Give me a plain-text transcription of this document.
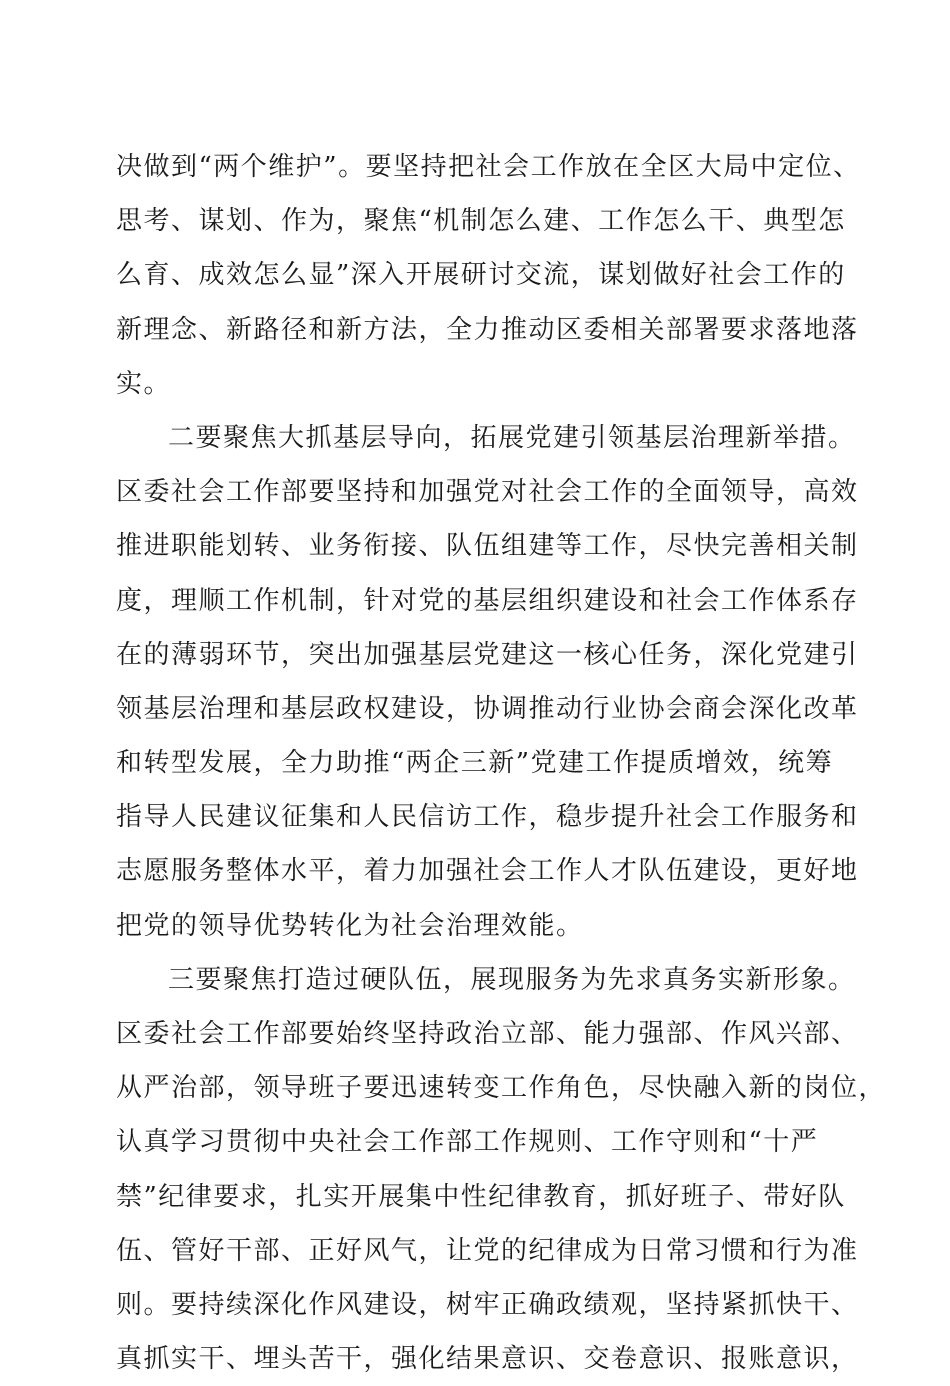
决做到“两个维护”。要坚持把社会工作放在全区大局中定位、
思考、谋划、作为，聚焦“机制怎么建、工作怎么干、典型怎
么育、成效怎么显”深入开展研讨交流，谋划做好社会工作的
新理念、新路径和新方法，全力推动区委相关部署要求落地落
实。
二要聚焦大抓基层导向，拓展党建引领基层治理新举措。
区委社会工作部要坚持和加强党对社会工作的全面领导，高效
推进职能划转、业务衔接、队伍组建等工作，尽快完善相关制
度，理顺工作机制，针对党的基层组织建设和社会工作体系存
在的薄弱环节，突出加强基层党建这一核心任务，深化党建引
领基层治理和基层政权建设，协调推动行业协会商会深化改革
和转型发展，全力助推“两企三新”党建工作提质增效，统筹
指导人民建议征集和人民信访工作，稳步提升社会工作服务和
志愿服务整体水平，着力加强社会工作人才队伍建设，更好地
把党的领导优势转化为社会治理效能。
三要聚焦打造过硬队伍，展现服务为先求真务实新形象。
区委社会工作部要始终坚持政治立部、能力强部、作风兴部、
从严治部，领导班子要迅速转变工作角色，尽快融入新的岗位，
认真学习贯彻中央社会工作部工作规则、工作守则和“十严
禁”纪律要求，扎实开展集中性纪律教育，抓好班子、带好队
伍、管好干部、正好风气，让党的纪律成为日常习惯和行为准
则。要持续深化作风建设，树牢正确政绩观，坚持紧抓快干、
真抓实干、埋头苦干，强化结果意识、交卷意识、报账意识，
